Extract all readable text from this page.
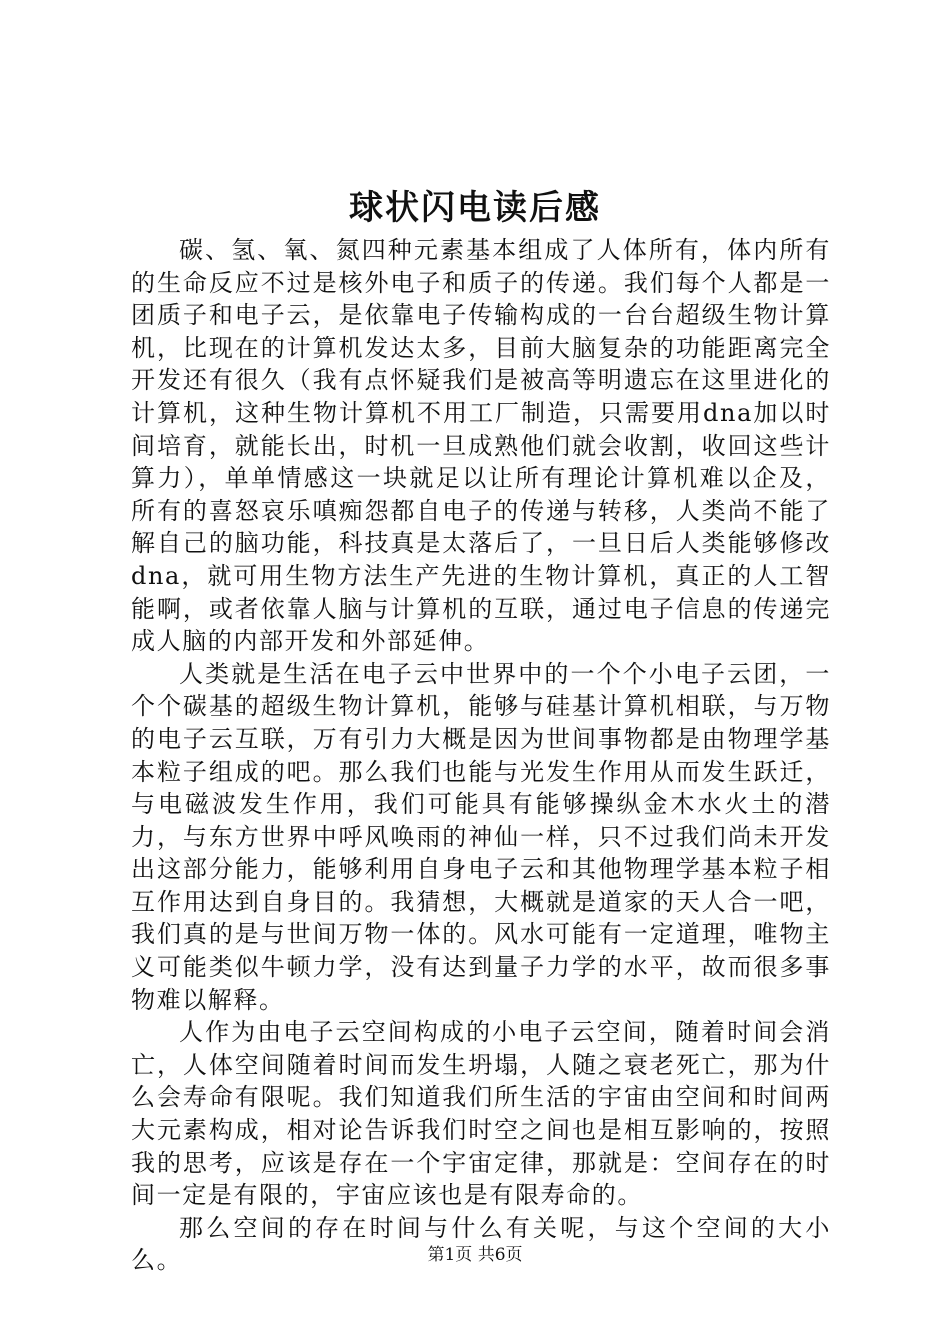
球状闪电读后感

碳、氢、氧、氮四种元素基本组成了人体所有，体内所有的生命反应不过是核外电子和质子的传递。我们每个人都是一团质子和电子云，是依靠电子传输构成的一台台超级生物计算机，比现在的计算机发达太多，目前大脑复杂的功能距离完全开发还有很久（我有点怀疑我们是被高等明遗忘在这里进化的计算机，这种生物计算机不用工厂制造，只需要用dna加以时间培育，就能长出，时机一旦成熟他们就会收割，收回这些计算力），单单情感这一块就足以让所有理论计算机难以企及，所有的喜怒哀乐嗔痴怨都自电子的传递与转移，人类尚不能了解自己的脑功能，科技真是太落后了，一旦日后人类能够修改dna，就可用生物方法生产先进的生物计算机，真正的人工智能啊，或者依靠人脑与计算机的互联，通过电子信息的传递完成人脑的内部开发和外部延伸。

人类就是生活在电子云中世界中的一个个小电子云团，一个个碳基的超级生物计算机，能够与硅基计算机相联，与万物的电子云互联，万有引力大概是因为世间事物都是由物理学基本粒子组成的吧。那么我们也能与光发生作用从而发生跃迁，与电磁波发生作用，我们可能具有能够操纵金木水火土的潜力，与东方世界中呼风唤雨的神仙一样，只不过我们尚未开发出这部分能力，能够利用自身电子云和其他物理学基本粒子相互作用达到自身目的。我猜想，大概就是道家的天人合一吧，我们真的是与世间万物一体的。风水可能有一定道理，唯物主义可能类似牛顿力学，没有达到量子力学的水平，故而很多事物难以解释。

人作为由电子云空间构成的小电子云空间，随着时间会消亡，人体空间随着时间而发生坍塌，人随之衰老死亡，那为什么会寿命有限呢。我们知道我们所生活的宇宙由空间和时间两大元素构成，相对论告诉我们时空之间也是相互影响的，按照我的思考，应该是存在一个宇宙定律，那就是：空间存在的时间一定是有限的，宇宙应该也是有限寿命的。

那么空间的存在时间与什么有关呢，与这个空间的大小么。	第1页 共6页
